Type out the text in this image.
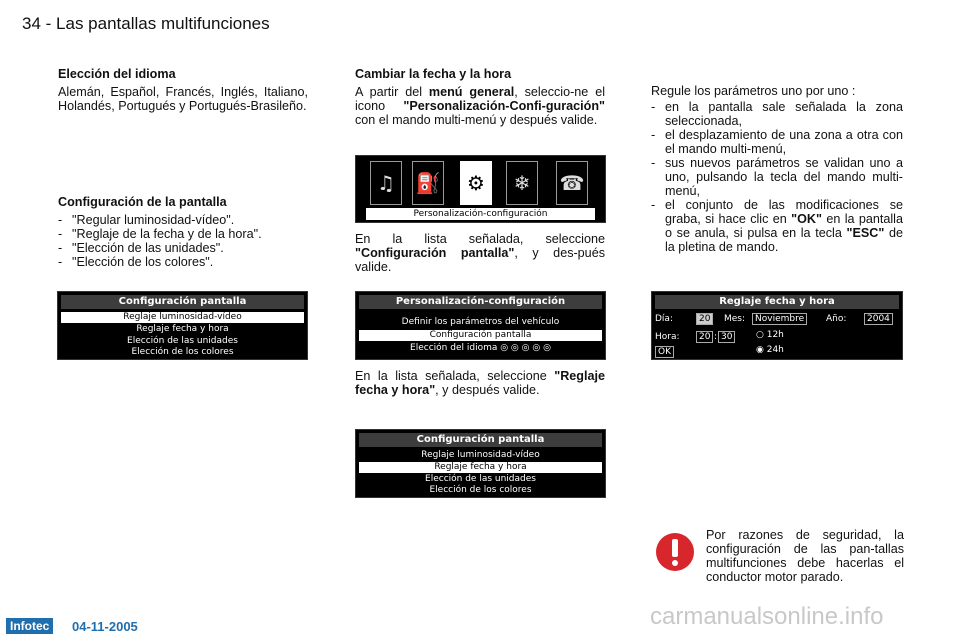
34 - Las pantallas multifunciones

Elección del idioma

Alemán, Español, Francés, Inglés, Italiano, Holandés, Portugués y Portugués-Brasileño.

Configuración de la pantalla

- "Regular luminosidad-vídeo".
- "Reglaje de la fecha y de la hora".
- "Elección de las unidades".
- "Elección de los colores".
Configuración pantalla
Reglaje luminosidad-vídeo
Reglaje fecha y hora
Elección de las unidades
Elección de los colores

Cambiar la fecha y la hora

A partir del menú general, seleccio-ne el icono "Personalización-Confi-guración" con el mando multi-menú y después valide.

♫	⛽	⚙	❄	☎
Personalización-configuración

En la lista señalada, seleccione "Configuración pantalla", y des-pués valide.

Personalización-configuración
Definir los parámetros del vehículo
Configuración pantalla
Elección del idioma ◎ ◎ ◎ ◎ ◎

En la lista señalada, seleccione "Reglaje fecha y hora", y después valide.

Configuración pantalla
Reglaje luminosidad-vídeo
Reglaje fecha y hora
Elección de las unidades
Elección de los colores

Regule los parámetros uno por uno :

- en la pantalla sale señalada la zona seleccionada,
- el desplazamiento de una zona a otra con el mando multi-menú,
- sus nuevos parámetros se validan uno a uno, pulsando la tecla del mando multi-menú,
- el conjunto de las modificaciones se graba, si hace clic en "OK" en la pantalla o se anula, si pulsa en la tecla "ESC" de la pletina de mando.
Reglaje fecha y hora
Día:	20	Mes:	Noviembre	Año:	2004
Hora:	20 : 30	○ 12h
◉ 24h
OK
Por razones de seguridad, la configuración de las pan-tallas multifunciones debe hacerlas el conductor motor parado.
Infotec	04-11-2005	carmanualsonline.info
